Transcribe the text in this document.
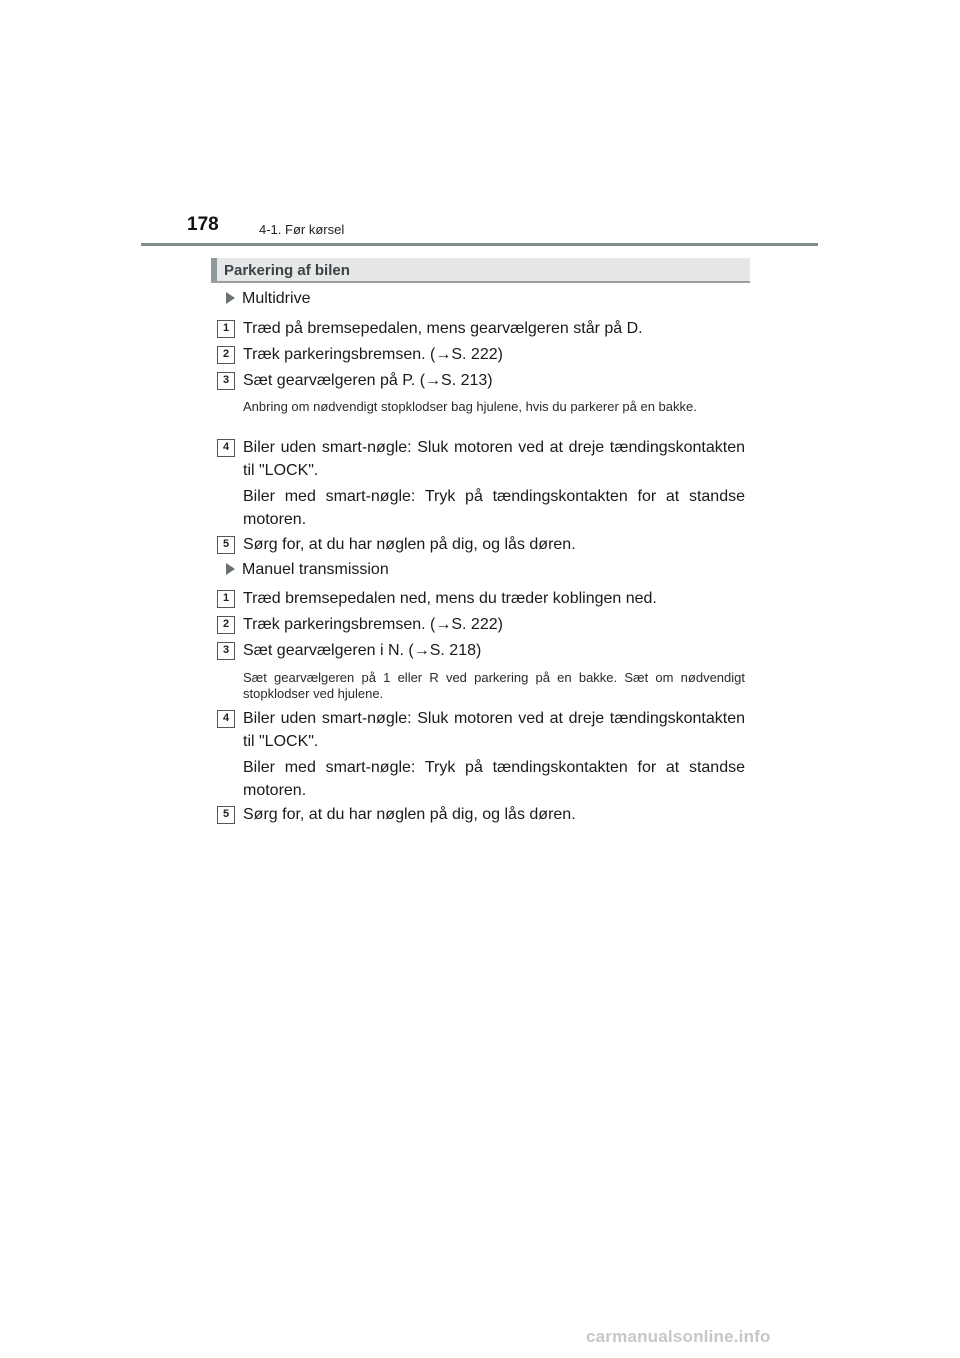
178	4-1. Før kørsel
Parkering af bilen
Multidrive
1 Træd på bremsepedalen, mens gearvælgeren står på D.
2 Træk parkeringsbremsen. (→S. 222)
3 Sæt gearvælgeren på P. (→S. 213)
Anbring om nødvendigt stopklodser bag hjulene, hvis du parkerer på en bakke.
4 Biler uden smart-nøgle: Sluk motoren ved at dreje tændingskontakten til "LOCK".
Biler med smart-nøgle: Tryk på tændingskontakten for at standse motoren.
5 Sørg for, at du har nøglen på dig, og lås døren.
Manuel transmission
1 Træd bremsepedalen ned, mens du træder koblingen ned.
2 Træk parkeringsbremsen. (→S. 222)
3 Sæt gearvælgeren i N. (→S. 218)
Sæt gearvælgeren på 1 eller R ved parkering på en bakke. Sæt om nødvendigt stopklodser ved hjulene.
4 Biler uden smart-nøgle: Sluk motoren ved at dreje tændingskontakten til "LOCK".
Biler med smart-nøgle: Tryk på tændingskontakten for at standse motoren.
5 Sørg for, at du har nøglen på dig, og lås døren.
carmanualsonline.info
